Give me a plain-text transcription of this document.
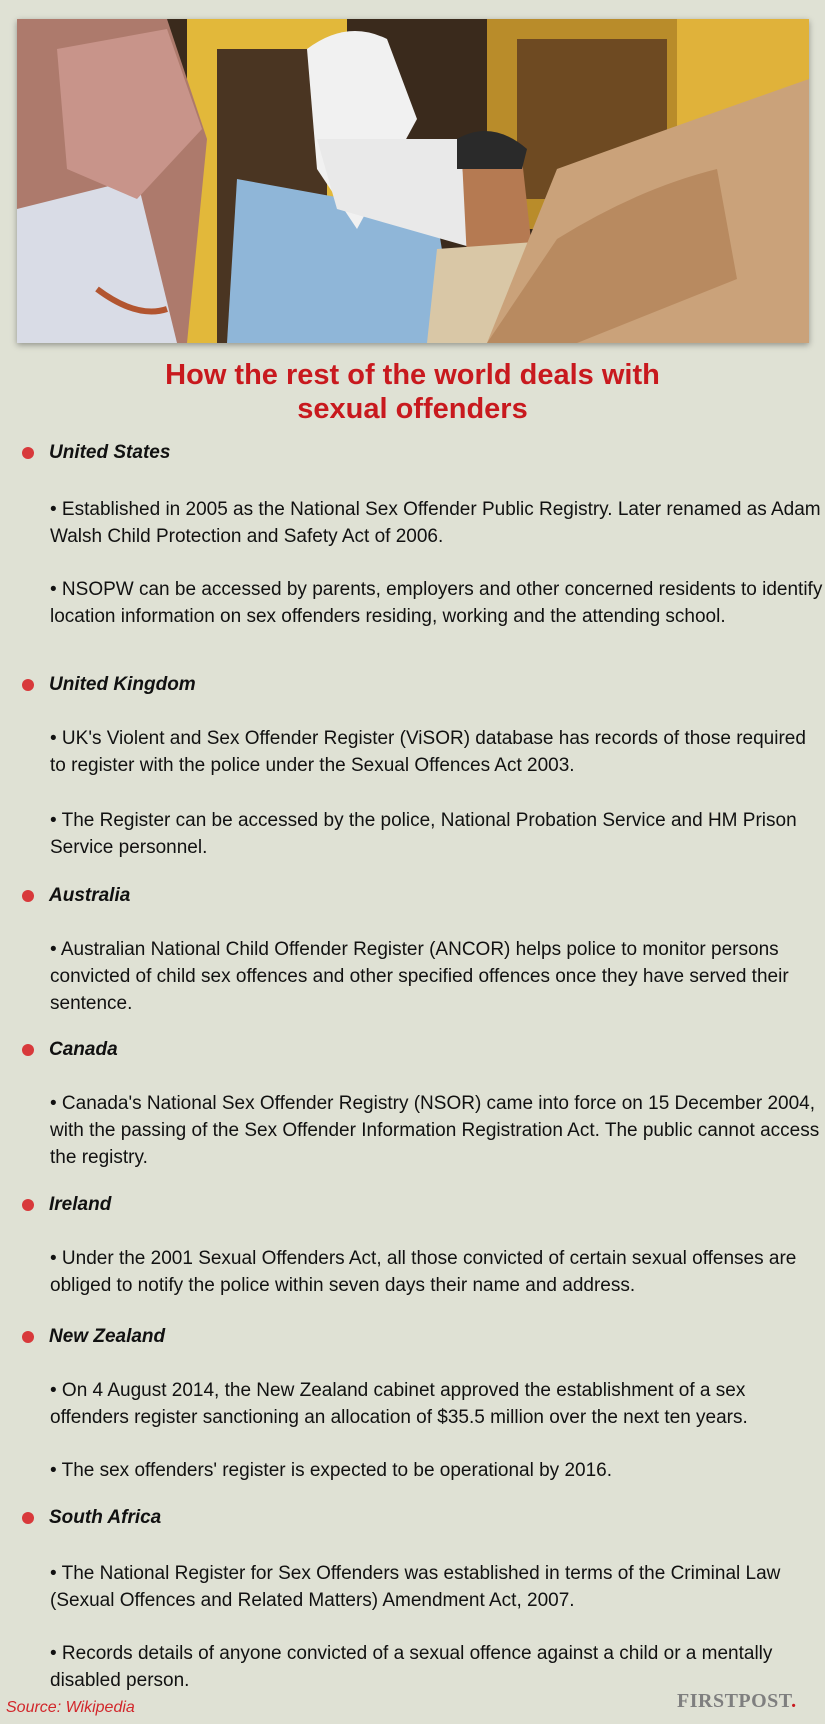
How the rest of the world deals with
sexual offenders
United States
• Established in 2005 as the National Sex Offender Public Registry. Later renamed as Adam Walsh Child Protection and Safety Act of 2006.
• NSOPW can be accessed by parents, employers and other concerned residents to identify location information on sex offenders residing, working and the attending school.
United Kingdom
• UK's Violent and Sex Offender Register (ViSOR) database has records of those required to register with the police under the Sexual Offences Act 2003.
• The Register can be accessed by the police, National Probation Service and HM Prison Service personnel.
Australia
• Australian National Child Offender Register (ANCOR) helps police to monitor persons convicted of child sex offences and other specified offences once they have served their sentence.
Canada
• Canada's National Sex Offender Registry (NSOR) came into force on 15 December 2004, with the passing of the Sex Offender Information Registration Act. The public cannot access the registry.
Ireland
• Under the 2001 Sexual Offenders Act, all those convicted of certain sexual offenses are obliged to notify the police within seven days their name and address.
New Zealand
• On 4 August 2014, the New Zealand cabinet approved the establishment of a sex offenders register sanctioning an allocation of $35.5 million over the next ten years.
• The sex offenders' register is expected to be operational by 2016.
South Africa
• The National Register for Sex Offenders was established in terms of the Criminal Law (Sexual Offences and Related Matters) Amendment Act, 2007.
• Records details of anyone convicted of a sexual offence against a child or a mentally disabled person.
Source: Wikipedia	FIRSTPOST.
